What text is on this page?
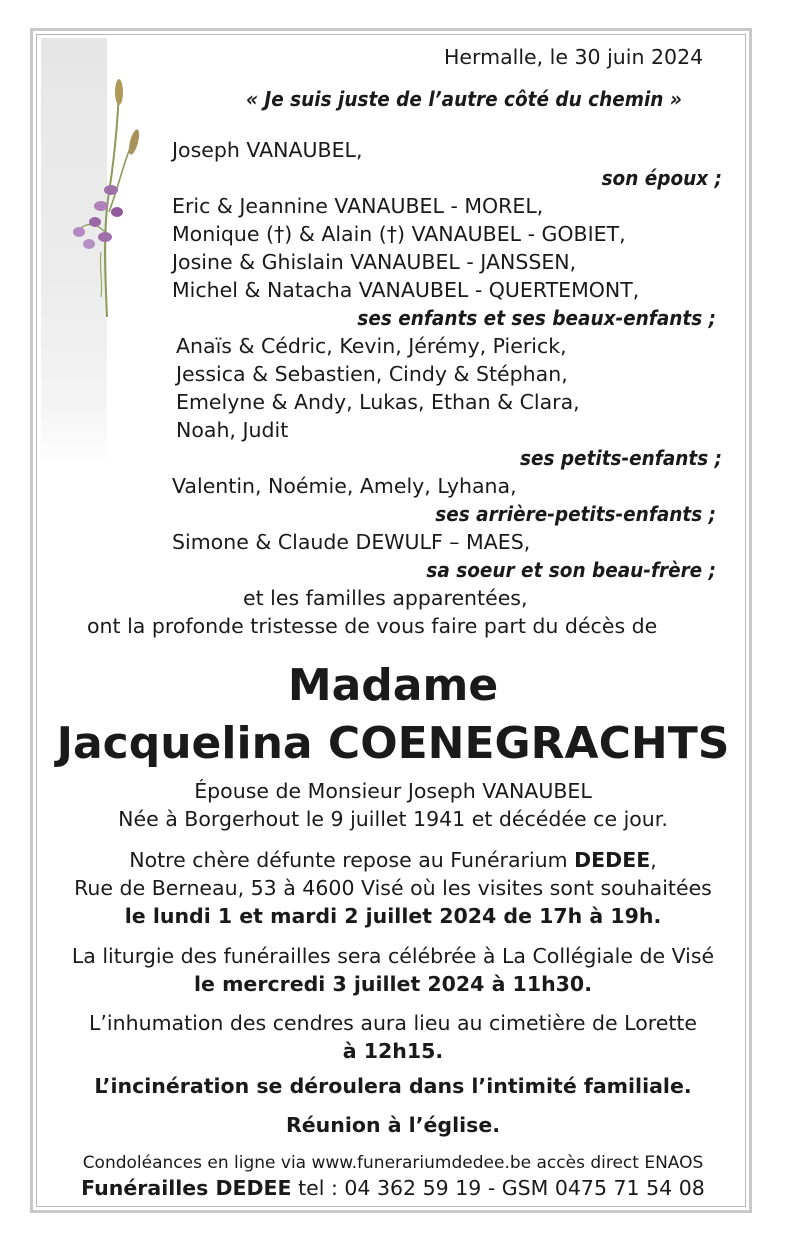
Hermalle, le 30 juin 2024
« Je suis juste de l’autre côté du chemin »
Joseph VANAUBEL,
son époux ;
Eric & Jeannine VANAUBEL - MOREL,
Monique (†) & Alain (†) VANAUBEL - GOBIET,
Josine & Ghislain VANAUBEL - JANSSEN,
Michel & Natacha VANAUBEL - QUERTEMONT,
ses enfants et ses beaux-enfants ;
Anaïs & Cédric, Kevin, Jérémy, Pierick,
Jessica & Sebastien, Cindy & Stéphan,
Emelyne & Andy, Lukas, Ethan & Clara,
Noah, Judit
ses petits-enfants ;
Valentin, Noémie, Amely, Lyhana,
ses arrière-petits-enfants ;
Simone & Claude DEWULF – MAES,
sa soeur et son beau-frère ;
et les familles apparentées,
ont la profonde tristesse de vous faire part du décès de
Madame
Jacquelina COENEGRACHTS
Épouse de Monsieur Joseph VANAUBEL
Née à Borgerhout le 9 juillet 1941 et décédée ce jour.
Notre chère défunte repose au Funérarium DEDEE,
Rue de Berneau, 53 à 4600 Visé où les visites sont souhaitées
le lundi 1 et mardi 2 juillet 2024 de 17h à 19h.
La liturgie des funérailles sera célébrée à La Collégiale de Visé
le mercredi 3 juillet 2024 à 11h30.
L’inhumation des cendres aura lieu au cimetière de Lorette
à 12h15.
L’incinération se déroulera dans l’intimité familiale.
Réunion à l’église.
Condoléances en ligne via www.funerariumdedee.be accès direct ENAOS
Funérailles DEDEE tel : 04 362 59 19 - GSM 0475 71 54 08
